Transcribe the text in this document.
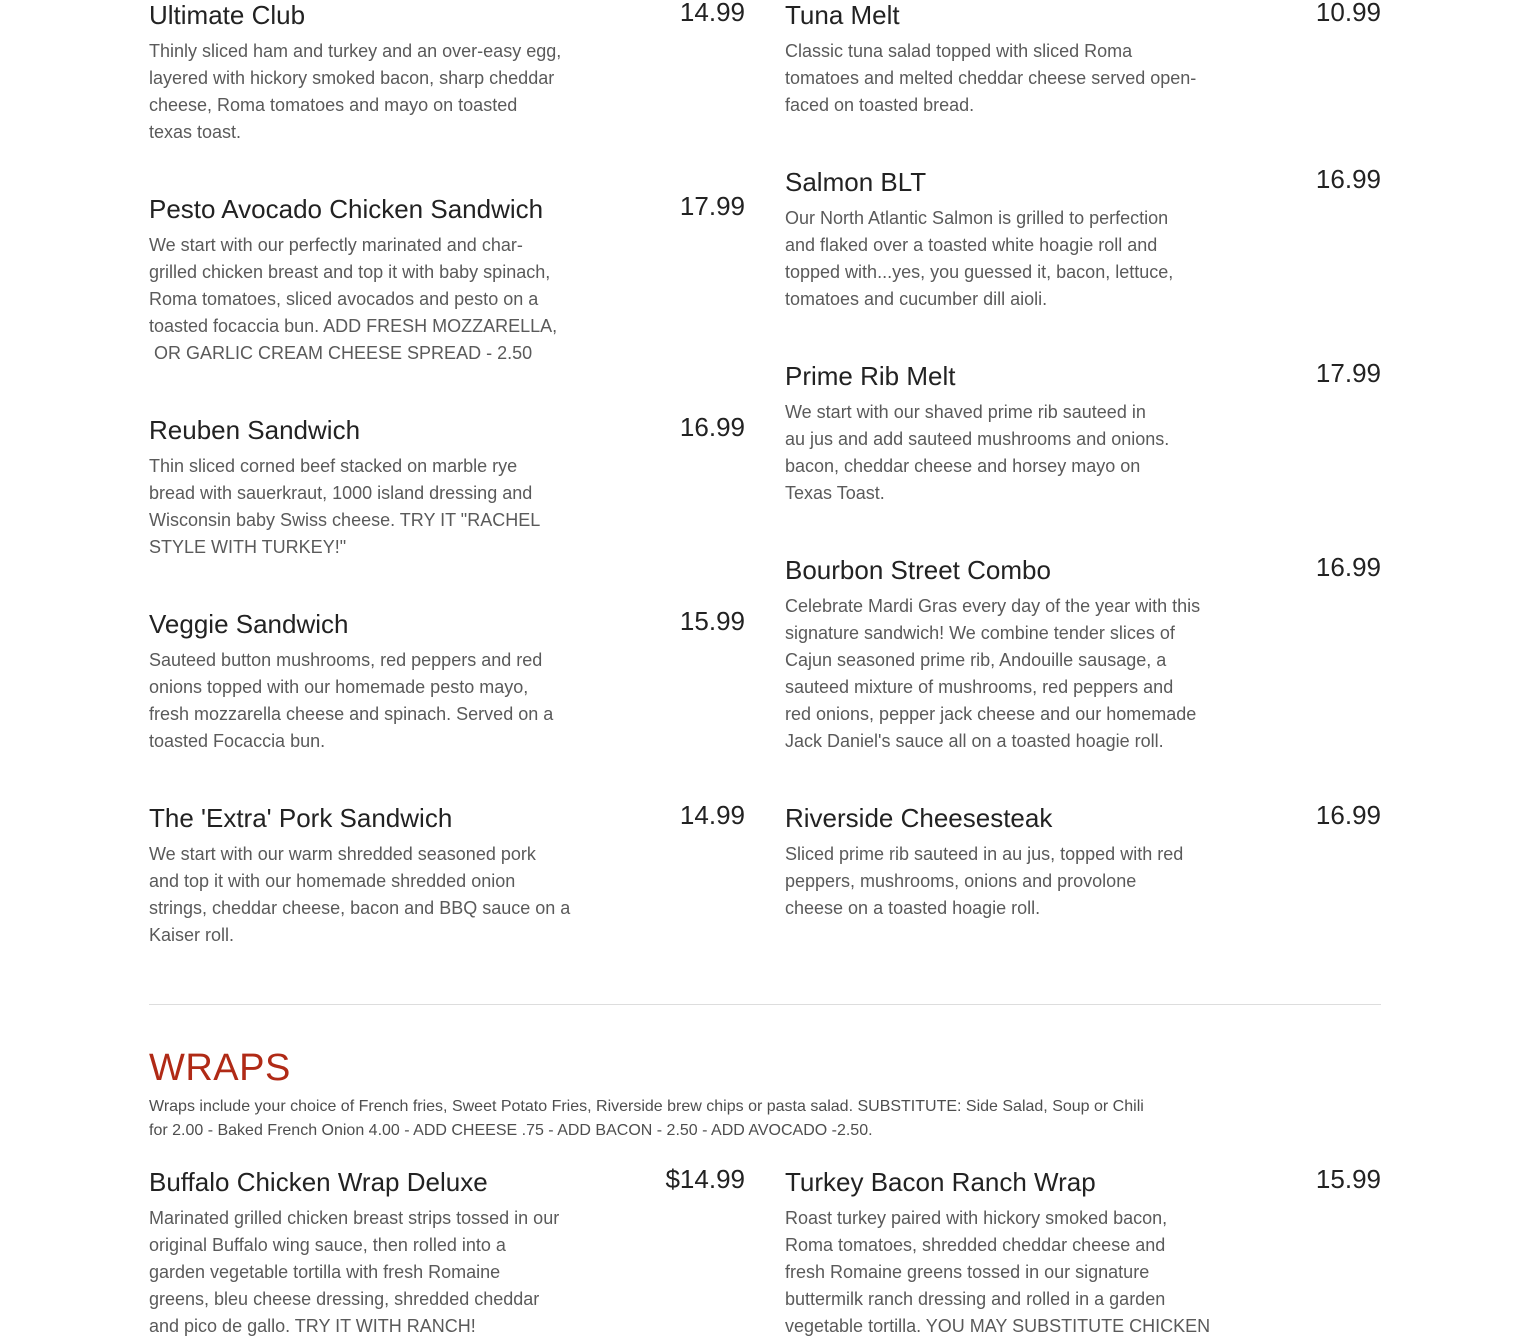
Ultimate Club	14.99
Thinly sliced ham and turkey and an over-easy egg,
layered with hickory smoked bacon, sharp cheddar
cheese, Roma tomatoes and mayo on toasted
texas toast.
Pesto Avocado Chicken Sandwich	17.99
We start with our perfectly marinated and char-
grilled chicken breast and top it with baby spinach,
Roma tomatoes, sliced avocados and pesto on a
toasted focaccia bun. ADD FRESH MOZZARELLA,
OR GARLIC CREAM CHEESE SPREAD - 2.50
Reuben Sandwich	16.99
Thin sliced corned beef stacked on marble rye
bread with sauerkraut, 1000 island dressing and
Wisconsin baby Swiss cheese. TRY IT "RACHEL
STYLE WITH TURKEY!"
Veggie Sandwich	15.99
Sauteed button mushrooms, red peppers and red
onions topped with our homemade pesto mayo,
fresh mozzarella cheese and spinach. Served on a
toasted Focaccia bun.
The 'Extra' Pork Sandwich	14.99
We start with our warm shredded seasoned pork
and top it with our homemade shredded onion
strings, cheddar cheese, bacon and BBQ sauce on a
Kaiser roll.
Tuna Melt	10.99
Classic tuna salad topped with sliced Roma
tomatoes and melted cheddar cheese served open-
faced on toasted bread.
Salmon BLT	16.99
Our North Atlantic Salmon is grilled to perfection
and flaked over a toasted white hoagie roll and
topped with...yes, you guessed it, bacon, lettuce,
tomatoes and cucumber dill aioli.
Prime Rib Melt	17.99
We start with our shaved prime rib sauteed in
au jus and add sauteed mushrooms and onions.
bacon, cheddar cheese and horsey mayo on
Texas Toast.
Bourbon Street Combo	16.99
Celebrate Mardi Gras every day of the year with this
signature sandwich! We combine tender slices of
Cajun seasoned prime rib, Andouille sausage, a
sauteed mixture of mushrooms, red peppers and
red onions, pepper jack cheese and our homemade
Jack Daniel's sauce all on a toasted hoagie roll.
Riverside Cheesesteak	16.99
Sliced prime rib sauteed in au jus, topped with red
peppers, mushrooms, onions and provolone
cheese on a toasted hoagie roll.
WRAPS
Wraps include your choice of French fries, Sweet Potato Fries, Riverside brew chips or pasta salad. SUBSTITUTE: Side Salad, Soup or Chili
for 2.00 - Baked French Onion 4.00 - ADD CHEESE .75 - ADD BACON - 2.50 - ADD AVOCADO -2.50.
Buffalo Chicken Wrap Deluxe	$14.99
Marinated grilled chicken breast strips tossed in our
original Buffalo wing sauce, then rolled into a
garden vegetable tortilla with fresh Romaine
greens, bleu cheese dressing, shredded cheddar
and pico de gallo. TRY IT WITH RANCH!
Turkey Bacon Ranch Wrap	15.99
Roast turkey paired with hickory smoked bacon,
Roma tomatoes, shredded cheddar cheese and
fresh Romaine greens tossed in our signature
buttermilk ranch dressing and rolled in a garden
vegetable tortilla. YOU MAY SUBSTITUTE CHICKEN
